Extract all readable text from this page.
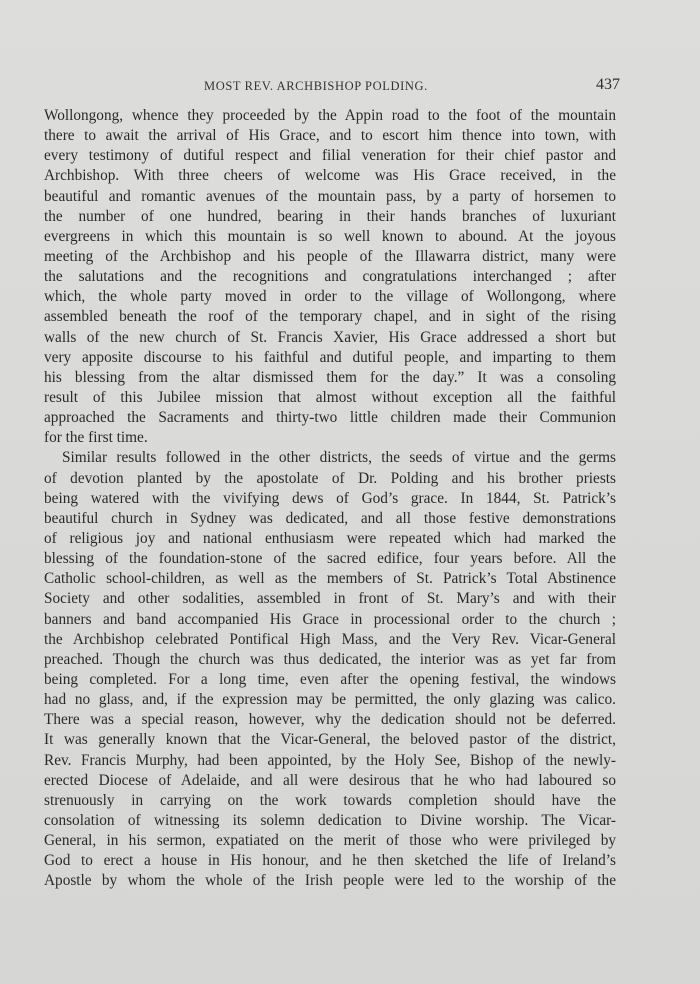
MOST REV. ARCHBISHOP POLDING.	437
Wollongong, whence they proceeded by the Appin road to the foot of the mountain
there to await the arrival of His Grace, and to escort him thence into town, with
every testimony of dutiful respect and filial veneration for their chief pastor and
Archbishop. With three cheers of welcome was His Grace received, in the
beautiful and romantic avenues of the mountain pass, by a party of horsemen to
the number of one hundred, bearing in their hands branches of luxuriant
evergreens in which this mountain is so well known to abound. At the joyous
meeting of the Archbishop and his people of the Illawarra district, many were
the salutations and the recognitions and congratulations interchanged ; after
which, the whole party moved in order to the village of Wollongong, where
assembled beneath the roof of the temporary chapel, and in sight of the rising
walls of the new church of St. Francis Xavier, His Grace addressed a short but
very apposite discourse to his faithful and dutiful people, and imparting to them
his blessing from the altar dismissed them for the day.” It was a consoling
result of this Jubilee mission that almost without exception all the faithful
approached the Sacraments and thirty-two little children made their Communion
for the first time.
Similar results followed in the other districts, the seeds of virtue and the germs
of devotion planted by the apostolate of Dr. Polding and his brother priests
being watered with the vivifying dews of God’s grace. In 1844, St. Patrick’s
beautiful church in Sydney was dedicated, and all those festive demonstrations
of religious joy and national enthusiasm were repeated which had marked the
blessing of the foundation-stone of the sacred edifice, four years before. All the
Catholic school-children, as well as the members of St. Patrick’s Total Abstinence
Society and other sodalities, assembled in front of St. Mary’s and with their
banners and band accompanied His Grace in processional order to the church ;
the Archbishop celebrated Pontifical High Mass, and the Very Rev. Vicar-General
preached. Though the church was thus dedicated, the interior was as yet far from
being completed. For a long time, even after the opening festival, the windows
had no glass, and, if the expression may be permitted, the only glazing was calico.
There was a special reason, however, why the dedication should not be deferred.
It was generally known that the Vicar-General, the beloved pastor of the district,
Rev. Francis Murphy, had been appointed, by the Holy See, Bishop of the newly-
erected Diocese of Adelaide, and all were desirous that he who had laboured so
strenuously in carrying on the work towards completion should have the
consolation of witnessing its solemn dedication to Divine worship. The Vicar-
General, in his sermon, expatiated on the merit of those who were privileged by
God to erect a house in His honour, and he then sketched the life of Ireland’s
Apostle by whom the whole of the Irish people were led to the worship of the
